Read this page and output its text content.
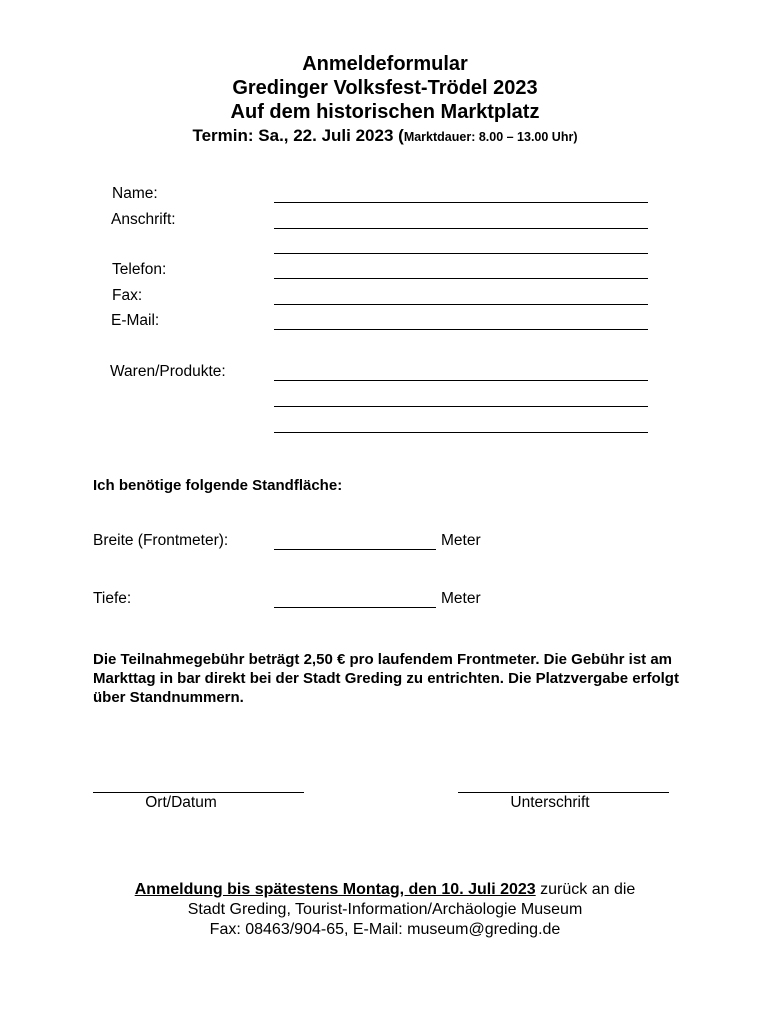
Anmeldeformular
Gredinger Volksfest-Trödel 2023
Auf dem historischen Marktplatz
Termin: Sa., 22. Juli 2023 (Marktdauer: 8.00 – 13.00 Uhr)
Name:
Anschrift:
Telefon:
Fax:
E-Mail:
Waren/Produkte:
Ich benötige folgende Standfläche:
Breite (Frontmeter):	Meter
Tiefe:	Meter
Die Teilnahmegebühr beträgt 2,50 € pro laufendem Frontmeter. Die Gebühr ist am Markttag in bar direkt bei der Stadt Greding zu entrichten. Die Platzvergabe erfolgt über Standnummern.
Ort/Datum	Unterschrift
Anmeldung bis spätestens Montag, den 10. Juli 2023 zurück an die
Stadt Greding, Tourist-Information/Archäologie Museum
Fax: 08463/904-65, E-Mail: museum@greding.de
